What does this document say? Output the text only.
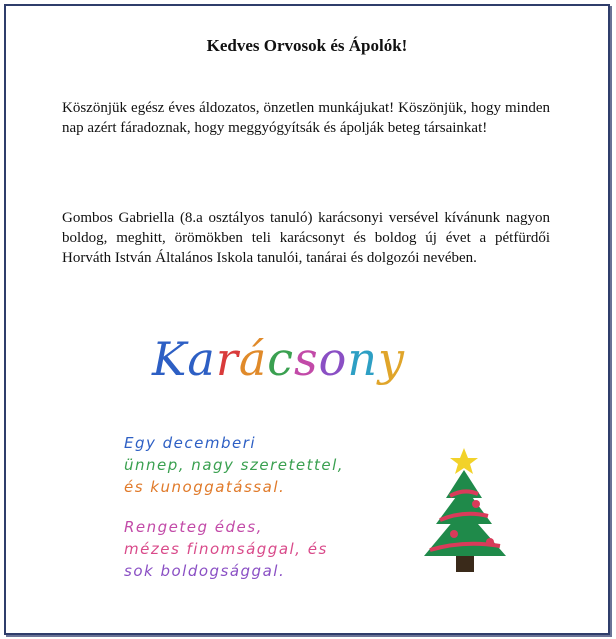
Kedves Orvosok és Ápolók!
Köszönjük egész éves áldozatos, önzetlen munkájukat! Köszönjük, hogy minden nap azért fáradoznak, hogy meggyógyítsák és ápolják beteg társainkat!
Gombos Gabriella (8.a osztályos tanuló) karácsonyi versével kívánunk nagyon boldog, meghitt, örömökben teli karácsonyt és boldog új évet a pétfürdői Horváth István Általános Iskola tanulói, tanárai és dolgozói nevében.
Karácsony
Egy decemberi
ünnep, nagy szeretettel,
és kunoggatással.
Rengeteg édes,
mézes finomsággal, és
sok boldogsággal.
